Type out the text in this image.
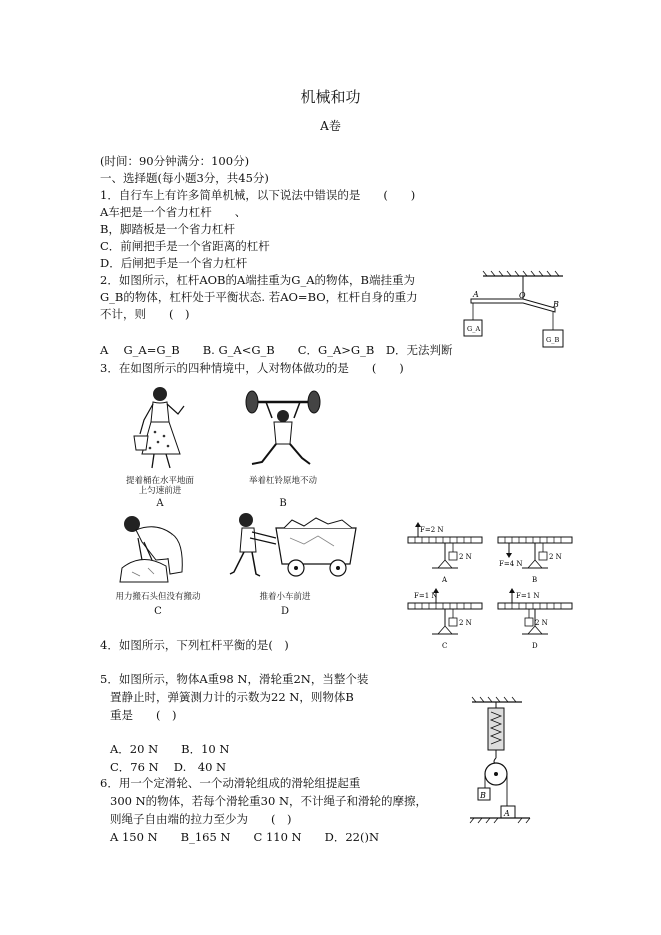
机械和功
A卷
(时间：90分钟满分：100分)
一、选择题(每小题3分，共45分)
1．自行车上有许多简单机械，以下说法中错误的是　　(　　)
A车把是一个省力杠杆　　、
B，脚踏板是一个省力杠杆
C．前闸把手是一个省距离的杠杆
D．后闸把手是一个省力杠杆
2．如图所示，杠杆AOB的A端挂重为G_A的物体，B端挂重为
G_B的物体，杠杆处于平衡状态. 若AO=BO，杠杆自身的重力
不计，则　　(　)
A　 G_A=G_B　　B. G_A<G_B　　C．G_A>G_B　D．无法判断
A	O
B
G_A
G_B
3．在如图所示的四种情境中，人对物体做功的是　　(　　)
提着桶在水平地面
上匀速前进
A
举着杠铃原地不动
B
用力搬石头但没有搬动
C
推着小车前进
D
F=2 N
2 N
A
F=4 N
2 N
B
F=1 N
2 N
C
F=1 N
2 N
D
4．如图所示，下列杠杆平衡的是(　)
5．如图所示，物体A重98 N，滑轮重2N，当整个装
置静止时，弹簧测力计的示数为22 N，则物体B
重是　　(　)
A．20 N　　B．10 N
C．76 N　 D.　40 N
B
A
6．用一个定滑轮、一个动滑轮组成的滑轮组提起重
300 N的物体，若每个滑轮重30 N，不计绳子和滑轮的摩擦，
则绳子自由端的拉力至少为　　(　)
A 150 N　　B_165 N　　C 110 N　　D．22()N
